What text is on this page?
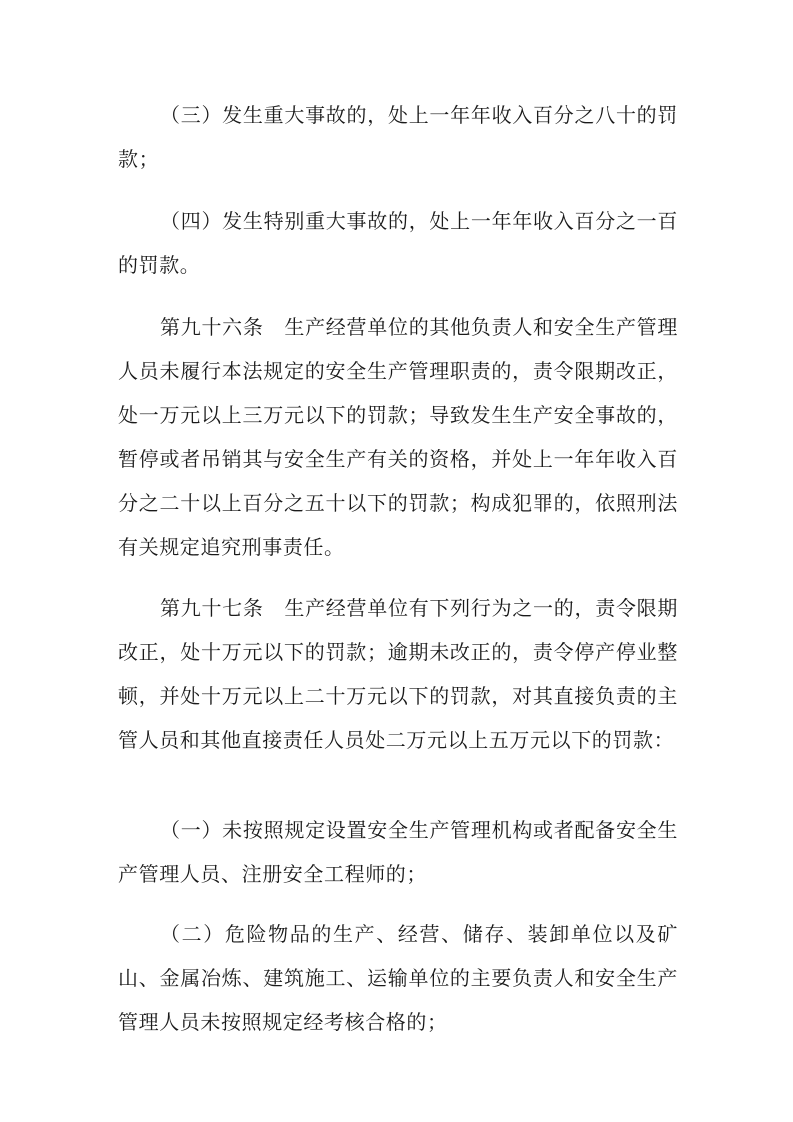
（三）发生重大事故的，处上一年年收入百分之八十的罚款；

（四）发生特别重大事故的，处上一年年收入百分之一百的罚款。

第九十六条　生产经营单位的其他负责人和安全生产管理人员未履行本法规定的安全生产管理职责的，责令限期改正，处一万元以上三万元以下的罚款；导致发生生产安全事故的，暂停或者吊销其与安全生产有关的资格，并处上一年年收入百分之二十以上百分之五十以下的罚款；构成犯罪的，依照刑法有关规定追究刑事责任。

第九十七条　生产经营单位有下列行为之一的，责令限期改正，处十万元以下的罚款；逾期未改正的，责令停产停业整顿，并处十万元以上二十万元以下的罚款，对其直接负责的主管人员和其他直接责任人员处二万元以上五万元以下的罚款：

（一）未按照规定设置安全生产管理机构或者配备安全生产管理人员、注册安全工程师的；

（二）危险物品的生产、经营、储存、装卸单位以及矿山、金属冶炼、建筑施工、运输单位的主要负责人和安全生产管理人员未按照规定经考核合格的；
